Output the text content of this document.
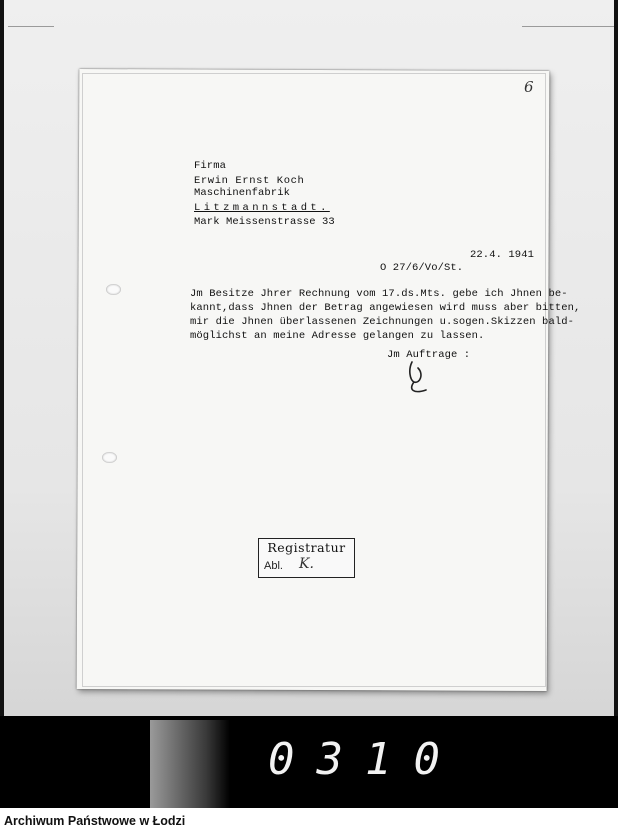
6
Firma
Erwin Ernst Koch
Maschinenfabrik
Litzmannstadt.
Mark Meissenstrasse 33
22.4. 1941
O 27/6/Vo/St.
Jm Besitze Jhrer Rechnung vom 17.ds.Mts. gebe ich Jhnen be-
kannt,dass Jhnen der Betrag angewiesen wird muss aber bitten,
mir die Jhnen überlassenen Zeichnungen u.sogen.Skizzen bald-
möglichst an meine Adresse gelangen zu lassen.
Jm Auftrage :
Registratur
Abl. K.
0310
Archiwum Państwowe w Łodzi
